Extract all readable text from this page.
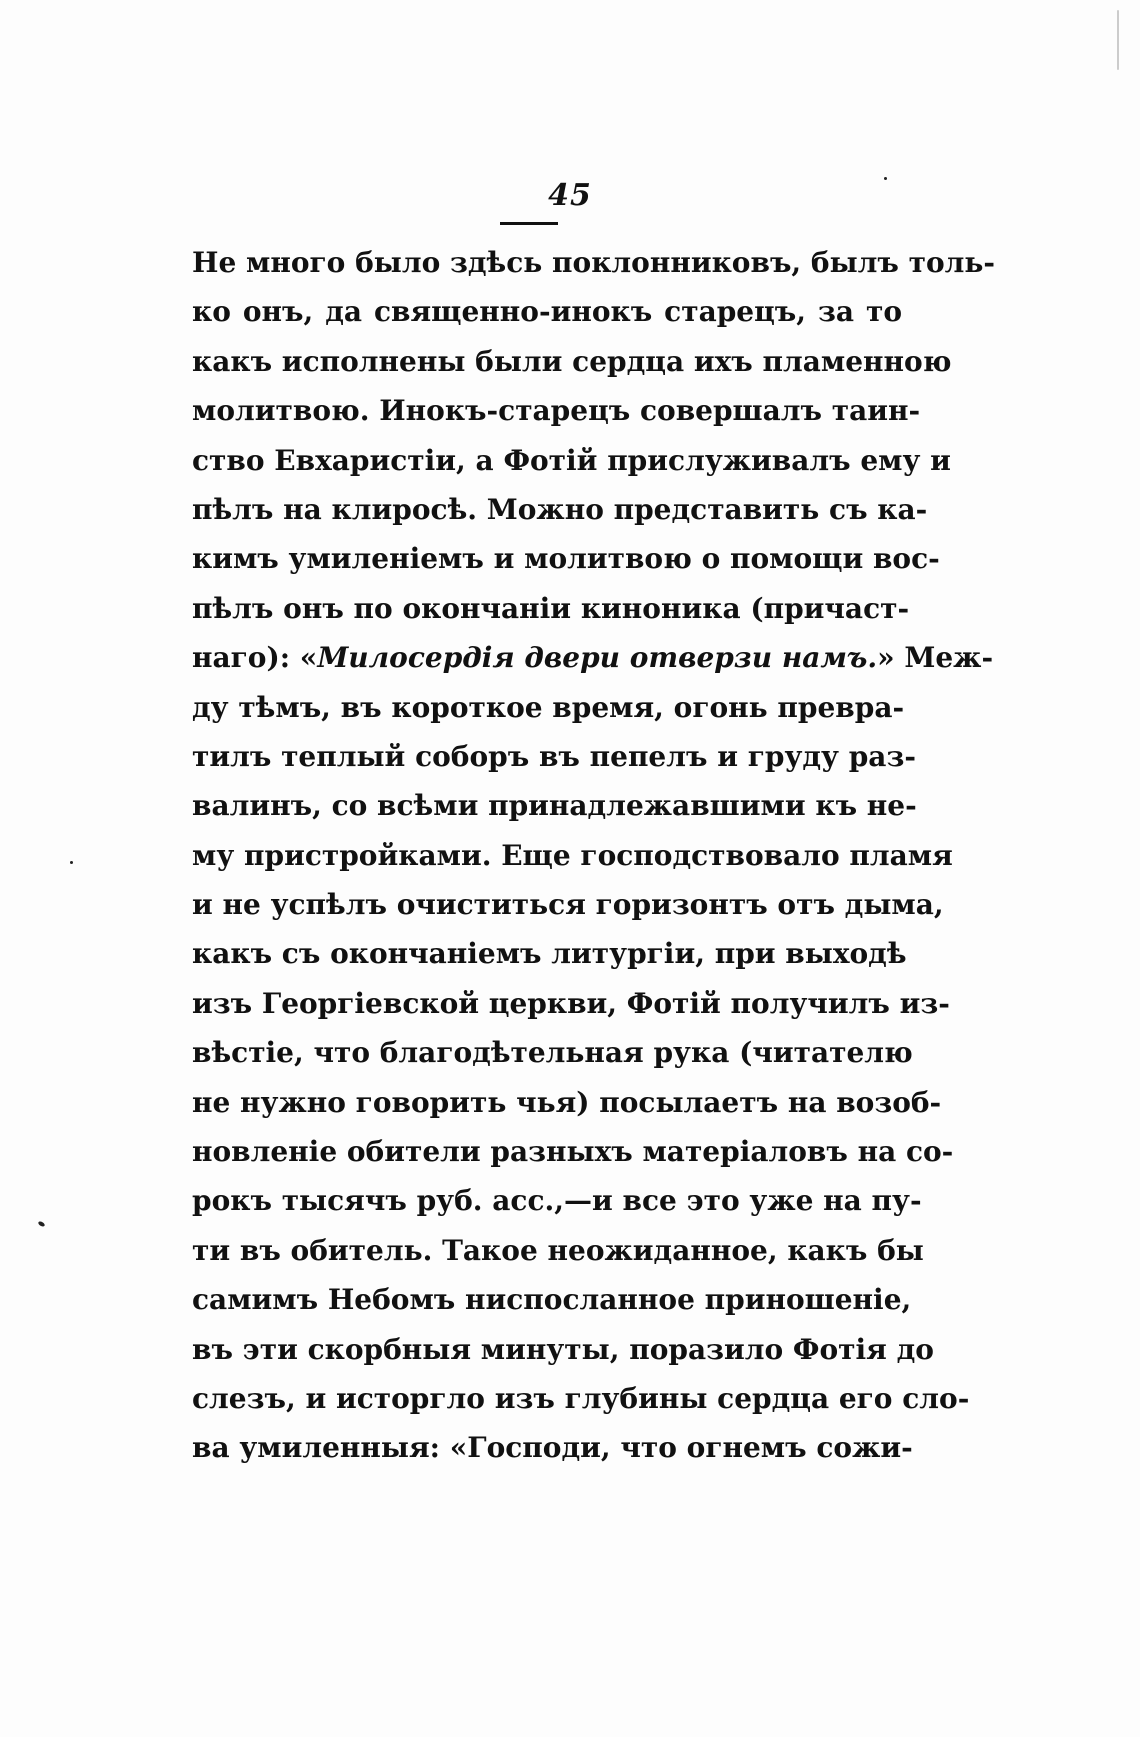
45
Не много было здѣсь поклонниковъ, былъ толь-
ко онъ, да священно-инокъ старецъ, за то
какъ исполнены были сердца ихъ пламенною
молитвою. Инокъ-старецъ совершалъ таин-
ство Евхаристіи, а Фотій прислуживалъ ему и
пѣлъ на клиросѣ. Можно представить съ ка-
кимъ умиленіемъ и молитвою о помощи вос-
пѣлъ онъ по окончаніи киноника (причаст-
наго): «Милосердія двери отверзи намъ.» Меж-
ду тѣмъ, въ короткое время, огонь превра-
тилъ теплый соборъ въ пепелъ и груду раз-
валинъ, со всѣми принадлежавшими къ не-
му пристройками. Еще господствовало пламя
и не успѣлъ очиститься горизонтъ отъ дыма,
какъ съ окончаніемъ литургіи, при выходѣ
изъ Георгіевской церкви, Фотій получилъ из-
вѣстіе, что благодѣтельная рука (читателю
не нужно говорить чья) посылаетъ на возоб-
новленіе обители разныхъ матеріаловъ на со-
рокъ тысячъ руб. асс.,—и все это уже на пу-
ти въ обитель. Такое неожиданное, какъ бы
самимъ Небомъ ниспосланное приношеніе,
въ эти скорбныя минуты, поразило Фотія до
слезъ, и исторгло изъ глубины сердца его сло-
ва умиленныя: «Господи, что огнемъ сожи-
